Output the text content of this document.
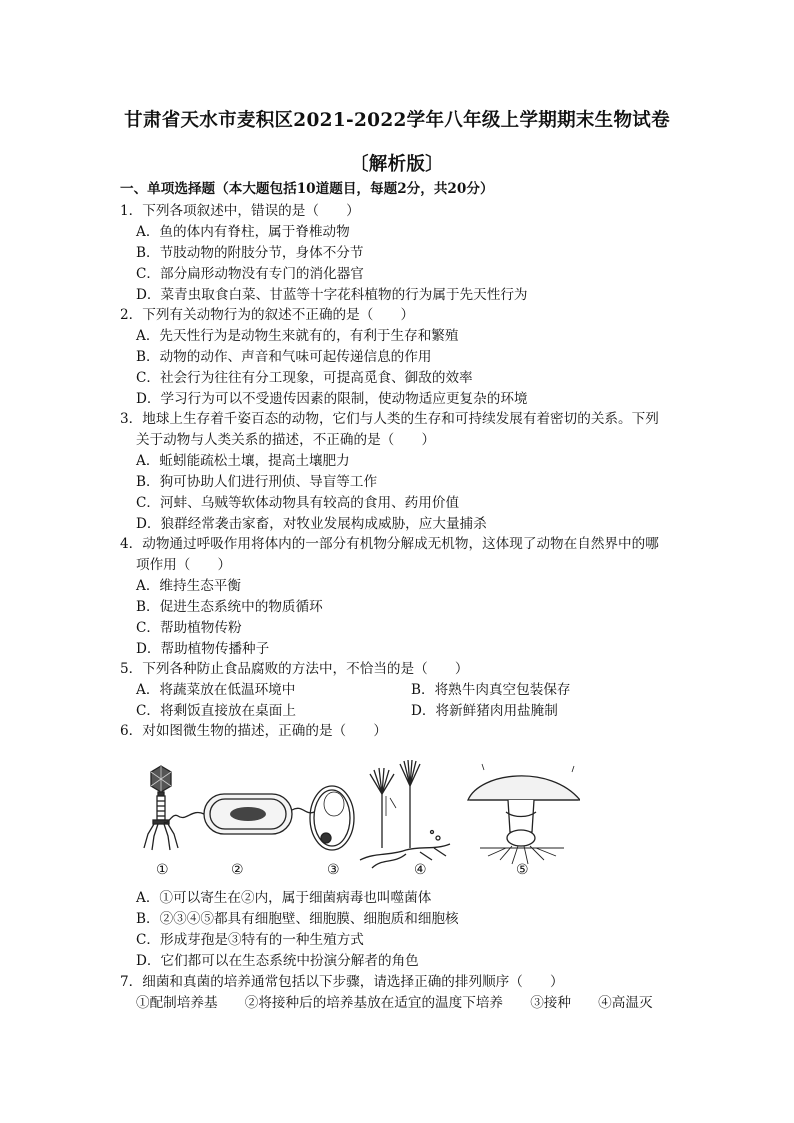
甘肃省天水市麦积区2021-2022学年八年级上学期期末生物试卷
〔解析版〕
一、单项选择题（本大题包括10道题目，每题2分，共20分）
1．下列各项叙述中，错误的是（　　）
A．鱼的体内有脊柱，属于脊椎动物
B．节肢动物的附肢分节，身体不分节
C．部分扁形动物没有专门的消化器官
D．菜青虫取食白菜、甘蓝等十字花科植物的行为属于先天性行为
2．下列有关动物行为的叙述不正确的是（　　）
A．先天性行为是动物生来就有的，有利于生存和繁殖
B．动物的动作、声音和气味可起传递信息的作用
C．社会行为往往有分工现象，可提高觅食、御敌的效率
D．学习行为可以不受遗传因素的限制，使动物适应更复杂的环境
3．地球上生存着千姿百态的动物，它们与人类的生存和可持续发展有着密切的关系。下列
关于动物与人类关系的描述，不正确的是（　　）
A．蚯蚓能疏松土壤，提高土壤肥力
B．狗可协助人们进行刑侦、导盲等工作
C．河蚌、乌贼等软体动物具有较高的食用、药用价值
D．狼群经常袭击家畜，对牧业发展构成威胁，应大量捕杀
4．动物通过呼吸作用将体内的一部分有机物分解成无机物，这体现了动物在自然界中的哪
项作用（　　）
A．维持生态平衡
B．促进生态系统中的物质循环
C．帮助植物传粉
D．帮助植物传播种子
5．下列各种防止食品腐败的方法中，不恰当的是（　　）
A．将蔬菜放在低温环境中	B．将熟牛肉真空包装保存
C．将剩饭直接放在桌面上	D．将新鲜猪肉用盐腌制
6．对如图微生物的描述，正确的是（　　）
①	②	③	④	⑤
A．①可以寄生在②内，属于细菌病毒也叫噬菌体
B．②③④⑤都具有细胞壁、细胞膜、细胞质和细胞核
C．形成芽孢是③特有的一种生殖方式
D．它们都可以在生态系统中扮演分解者的角色
7．细菌和真菌的培养通常包括以下步骤，请选择正确的排列顺序（　　）
①配制培养基　　②将接种后的培养基放在适宜的温度下培养　　③接种　　④高温灭
